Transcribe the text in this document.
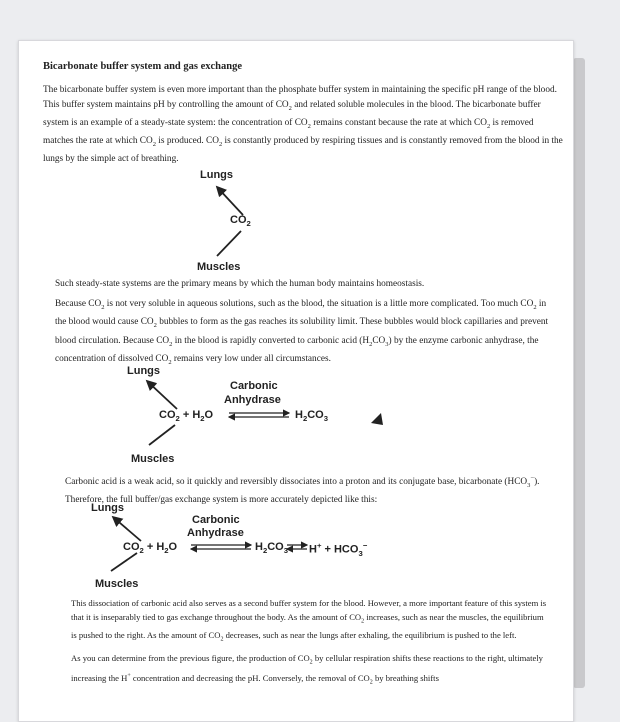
Bicarbonate buffer system and gas exchange
The bicarbonate buffer system is even more important than the phosphate buffer system in maintaining the specific pH range of the blood. This buffer system maintains pH by controlling the amount of $CO_2$ and related soluble molecules in the blood. The bicarbonate buffer system is an example of a steady-state system: the concentration of $CO_2$ remains constant because the rate at which $CO_2$ is removed matches the rate at which $CO_2$ is produced. $CO_2$ is constantly produced by respiring tissues and is constantly removed from the blood in the lungs by the simple act of breathing.
Lungs
$CO_2$
Muscles
Such steady-state systems are the primary means by which the human body maintains homeostasis.
Because $CO_2$ is not very soluble in aqueous solutions, such as the blood, the situation is a little more complicated. Too much $CO_2$ in the blood would cause $CO_2$ bubbles to form as the gas reaches its solubility limit. These bubbles would block capillaries and prevent blood circulation. Because $CO_2$ in the blood is rapidly converted to carbonic acid $(H_2CO_3)$ by the enzyme carbonic anhydrase, the concentration of dissolved $CO_2$ remains very low under all circumstances.
Lungs
Carbonic
Anhydrase
$CO_2 + H_2O$	$H_2CO_3$
Muscles
Carbonic acid is a weak acid, so it quickly and reversibly dissociates into a proton and its conjugate base, bicarbonate $(HCO_3^-)$. Therefore, the full buffer/gas exchange system is more accurately depicted like this:
Lungs
Carbonic
Anhydrase
$CO_2 + H_2O$	$H_2CO_3$ $H^+ + HCO_3^-$
Muscles
This dissociation of carbonic acid also serves as a second buffer system for the blood. However, a more important feature of this system is that it is inseparably tied to gas exchange throughout the body. As the amount of $CO_2$ increases, such as near the muscles, the equilibrium is pushed to the right. As the amount of $CO_2$ decreases, such as near the lungs after exhaling, the equilibrium is pushed to the left.
As you can determine from the previous figure, the production of $CO_2$ by cellular respiration shifts these reactions to the right, ultimately increasing the H+ concentration and decreasing the pH. Conversely, the removal of $CO_2$ by breathing shifts
